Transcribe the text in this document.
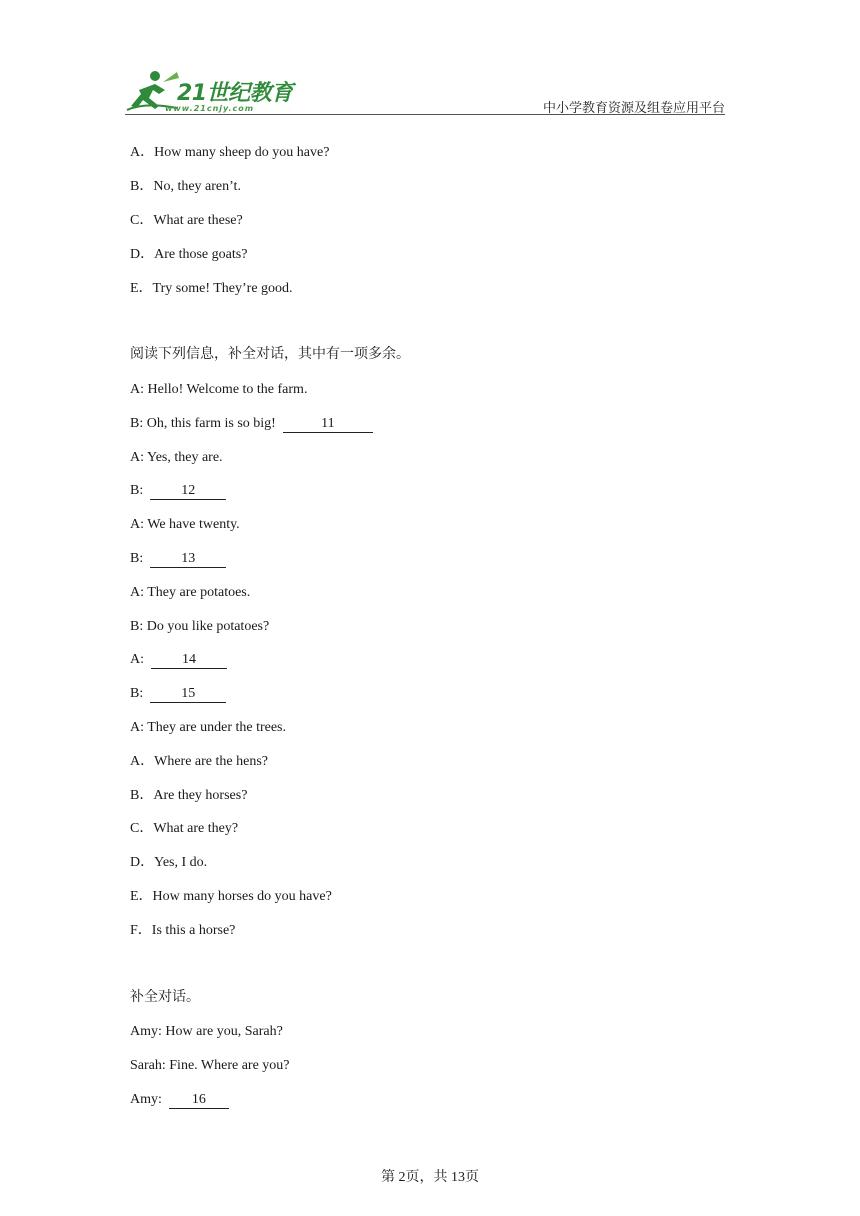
21世纪教育
www.21cnjy.com	中小学教育资源及组卷应用平台
A．How many sheep do you have?
B．No, they aren’t.
C．What are these?
D．Are those goats?
E．Try some! They’re good.
阅读下列信息，补全对话，其中有一项多余。
A: Hello! Welcome to the farm.
B: Oh, this farm is so big!	11
A: Yes, they are.
B:	12
A: We have twenty.
B:	13
A: They are potatoes.
B: Do you like potatoes?
A:	14
B:	15
A: They are under the trees.
A．Where are the hens?
B．Are they horses?
C．What are they?
D．Yes, I do.
E．How many horses do you have?
F．Is this a horse?
补全对话。
Amy: How are you, Sarah?
Sarah: Fine. Where are you?
Amy: 16
第 2页，共 13页
